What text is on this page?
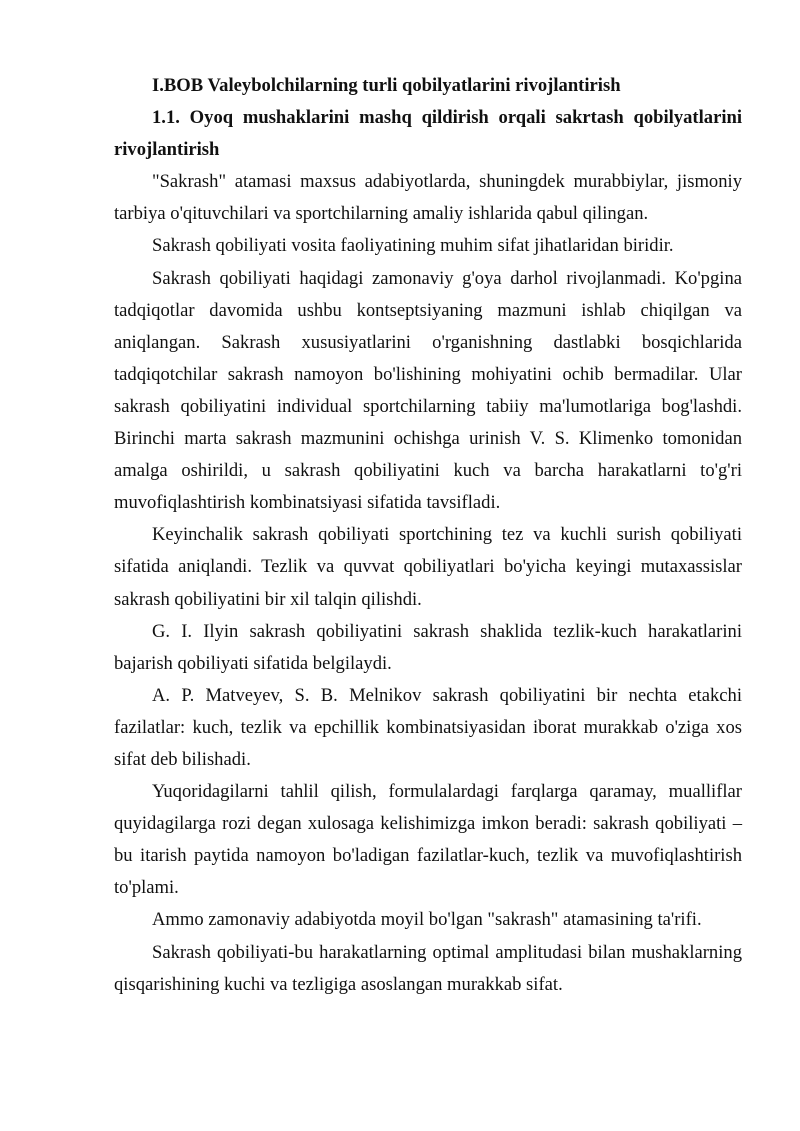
I.BOB Valeybolchilarning turli qobilyatlarini rivojlantirish

1.1. Oyoq mushaklarini mashq qildirish orqali sakrtash qobilyatlarini rivojlantirish

"Sakrash" atamasi maxsus adabiyotlarda, shuningdek murabbiylar, jismoniy tarbiya o'qituvchilari va sportchilarning amaliy ishlarida qabul qilingan.

Sakrash qobiliyati vosita faoliyatining muhim sifat jihatlaridan biridir.

Sakrash qobiliyati haqidagi zamonaviy g'oya darhol rivojlanmadi. Ko'pgina tadqiqotlar davomida ushbu kontseptsiyaning mazmuni ishlab chiqilgan va aniqlangan. Sakrash xususiyatlarini o'rganishning dastlabki bosqichlarida tadqiqotchilar sakrash namoyon bo'lishining mohiyatini ochib bermadilar. Ular sakrash qobiliyatini individual sportchilarning tabiiy ma'lumotlariga bog'lashdi. Birinchi marta sakrash mazmunini ochishga urinish V. S. Klimenko tomonidan amalga oshirildi, u sakrash qobiliyatini kuch va barcha harakatlarni to'g'ri muvofiqlashtirish kombinatsiyasi sifatida tavsifladi.

Keyinchalik sakrash qobiliyati sportchining tez va kuchli surish qobiliyati sifatida aniqlandi. Tezlik va quvvat qobiliyatlari bo'yicha keyingi mutaxassislar sakrash qobiliyatini bir xil talqin qilishdi.

G. I. Ilyin sakrash qobiliyatini sakrash shaklida tezlik-kuch harakatlarini bajarish qobiliyati sifatida belgilaydi.

A. P. Matveyev, S. B. Melnikov sakrash qobiliyatini bir nechta etakchi fazilatlar: kuch, tezlik va epchillik kombinatsiyasidan iborat murakkab o'ziga xos sifat deb bilishadi.

Yuqoridagilarni tahlil qilish, formulalardagi farqlarga qaramay, mualliflar quyidagilarga rozi degan xulosaga kelishimizga imkon beradi: sakrash qobiliyati – bu itarish paytida namoyon bo'ladigan fazilatlar-kuch, tezlik va muvofiqlashtirish to'plami.

Ammo zamonaviy adabiyotda moyil bo'lgan "sakrash" atamasining ta'rifi.

Sakrash qobiliyati-bu harakatlarning optimal amplitudasi bilan mushaklarning qisqarishining kuchi va tezligiga asoslangan murakkab sifat.
